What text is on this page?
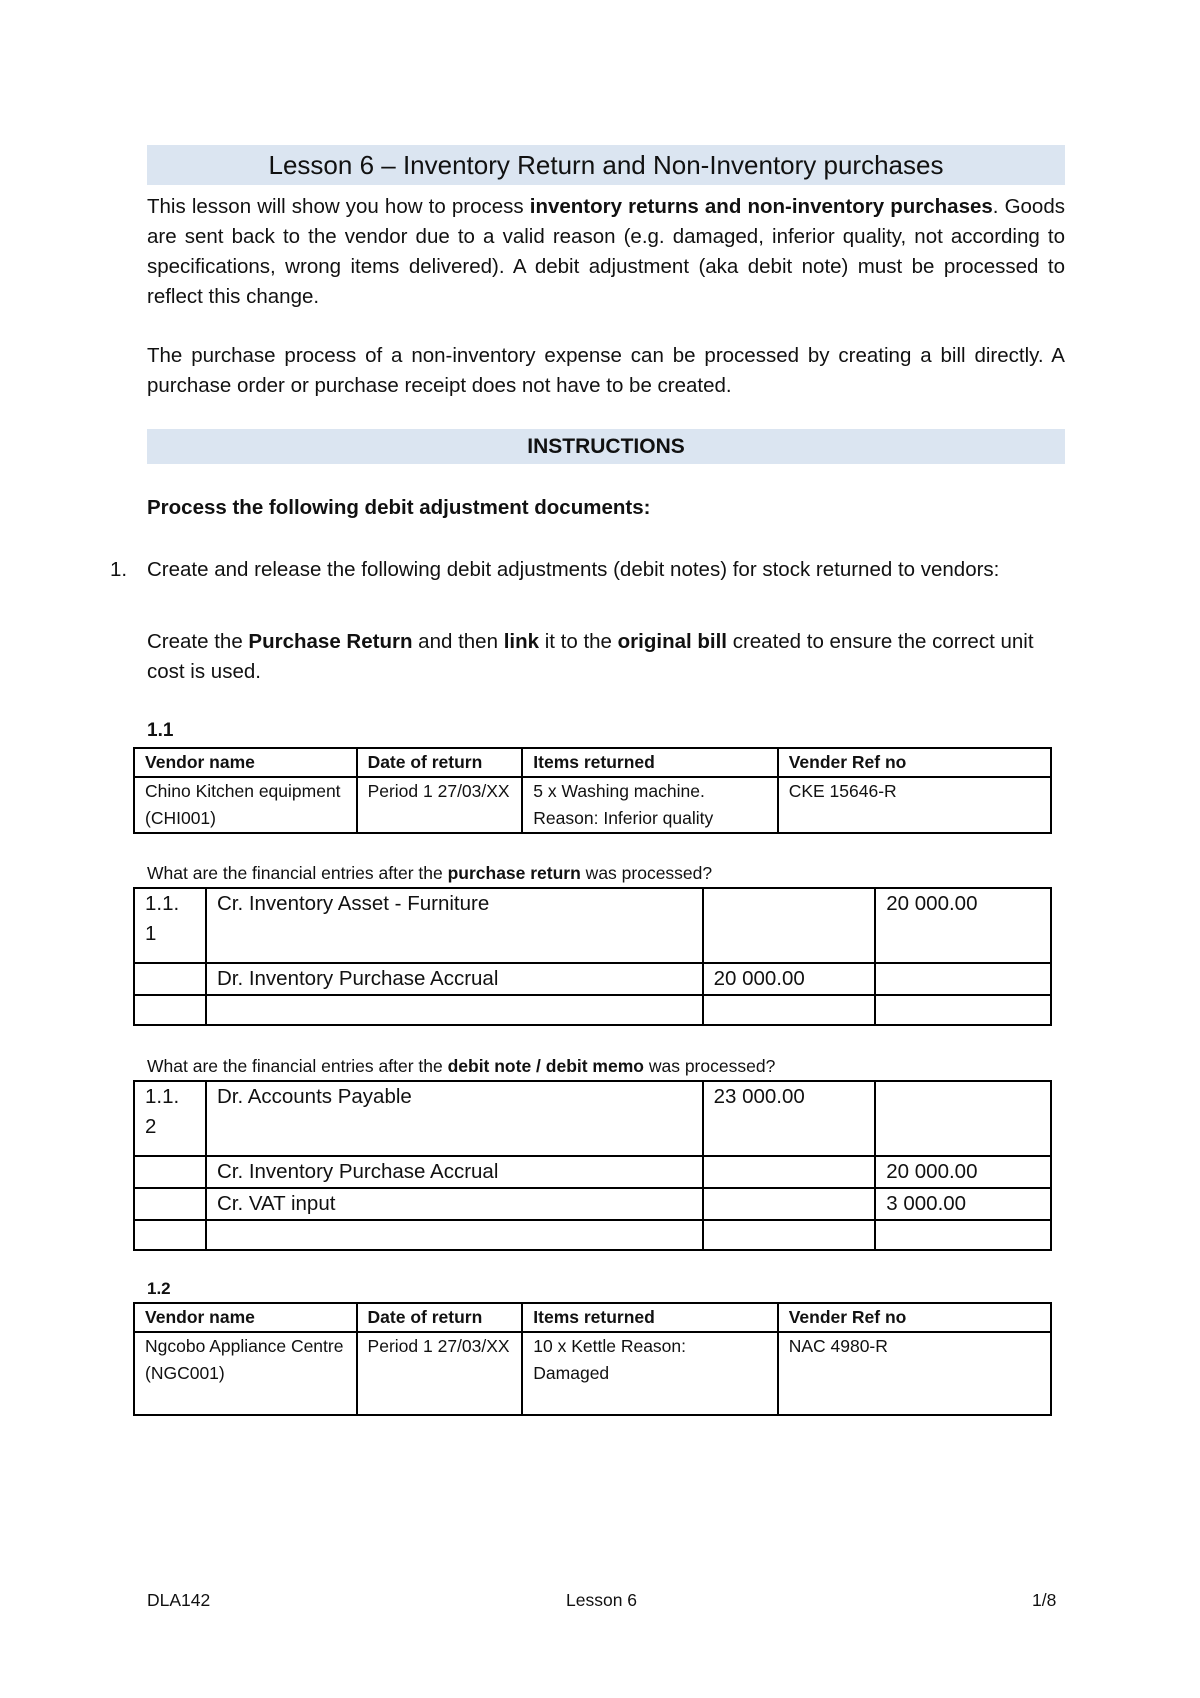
Lesson 6 – Inventory Return and Non-Inventory purchases
This lesson will show you how to process inventory returns and non-inventory purchases. Goods are sent back to the vendor due to a valid reason (e.g. damaged, inferior quality, not according to specifications, wrong items delivered). A debit adjustment (aka debit note) must be processed to reflect this change.
The purchase process of a non-inventory expense can be processed by creating a bill directly. A purchase order or purchase receipt does not have to be created.
INSTRUCTIONS
Process the following debit adjustment documents:
1. Create and release the following debit adjustments (debit notes) for stock returned to vendors:
Create the Purchase Return and then link it to the original bill created to ensure the correct unit cost is used.
1.1
Vendor name	Date of return	Items returned	Vender Ref no
Chino Kitchen equipment (CHI001)	Period 1 27/03/XX	5 x Washing machine. Reason: Inferior quality	CKE 15646-R
What are the financial entries after the purchase return was processed?
1.1. 1	Cr. Inventory Asset - Furniture		20 000.00
	Dr. Inventory Purchase Accrual	20 000.00	

What are the financial entries after the debit note / debit memo was processed?
1.1. 2	Dr. Accounts Payable	23 000.00	
	Cr. Inventory Purchase Accrual		20 000.00
	Cr. VAT input		3 000.00

1.2
Vendor name	Date of return	Items returned	Vender Ref no
Ngcobo Appliance Centre (NGC001)	Period 1 27/03/XX	10 x Kettle Reason: Damaged	NAC 4980-R
DLA142	Lesson 6	1/8
